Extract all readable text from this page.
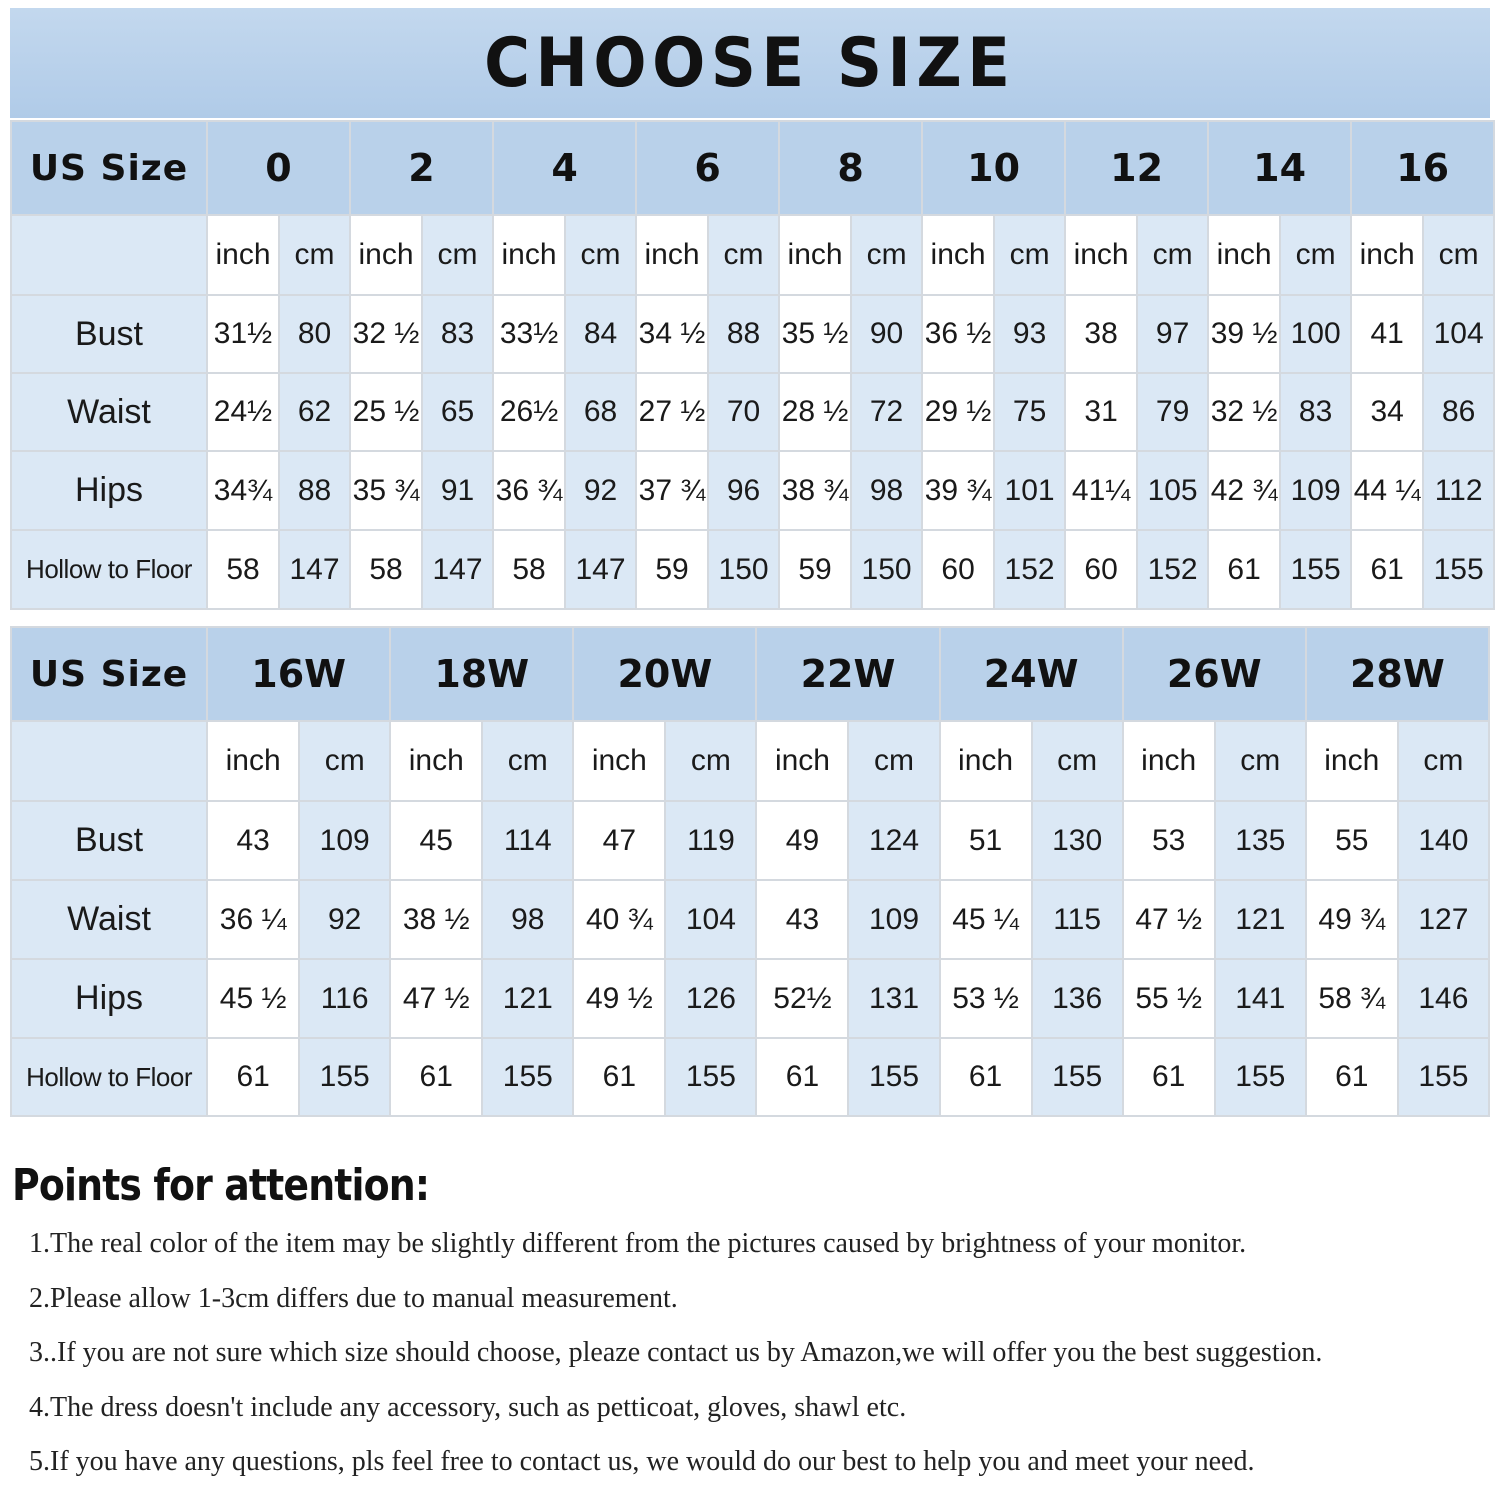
CHOOSE SIZE
US Size	0		2		4		6		8		10		12		14		16	
	inch	cm	inch	cm	inch	cm	inch	cm	inch	cm	inch	cm	inch	cm	inch	cm	inch	cm
Bust	31½	80	32 ½	83	33½	84	34 ½	88	35 ½	90	36 ½	93	38	97	39 ½	100	41	104
Waist	24½	62	25 ½	65	26½	68	27 ½	70	28 ½	72	29 ½	75	31	79	32 ½	83	34	86
Hips	34¾	88	35 ¾	91	36 ¾	92	37 ¾	96	38 ¾	98	39 ¾	101	41¼	105	42 ¾	109	44 ¼	112
Hollow to Floor	58	147	58	147	58	147	59	150	59	150	60	152	60	152	61	155	61	155
US Size	16W		18W		20W		22W		24W		26W		28W	
	inch	cm	inch	cm	inch	cm	inch	cm	inch	cm	inch	cm	inch	cm
Bust	43	109	45	114	47	119	49	124	51	130	53	135	55	140
Waist	36 ¼	92	38 ½	98	40 ¾	104	43	109	45 ¼	115	47 ½	121	49 ¾	127
Hips	45 ½	116	47 ½	121	49 ½	126	52½	131	53 ½	136	55 ½	141	58 ¾	146
Hollow to Floor	61	155	61	155	61	155	61	155	61	155	61	155	61	155
Points for attention:

1.The real color of the item may be slightly different from the pictures caused by brightness of your monitor.

2.Please allow 1-3cm differs due to manual measurement.

3..If you are not sure which size should choose, pleaze contact us by Amazon,we will offer you the best suggestion.

4.The dress doesn't include any accessory, such as petticoat, gloves, shawl etc.

5.If you have any questions, pls feel free to contact us, we would do our best to help you and meet your need.
